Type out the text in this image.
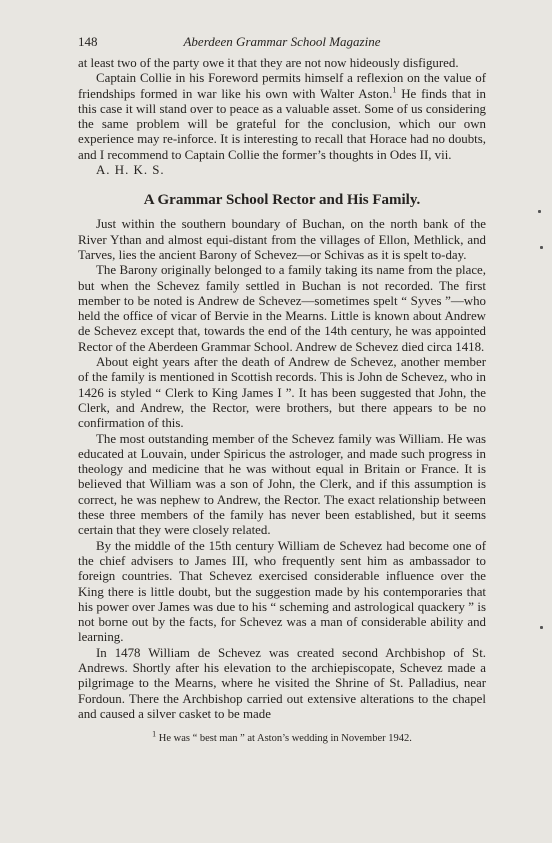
148	Aberdeen Grammar School Magazine

at least two of the party owe it that they are not now hideously disfigured.

Captain Collie in his Foreword permits himself a reflexion on the value of friendships formed in war like his own with Walter Aston.$^1$ He finds that in this case it will stand over to peace as a valuable asset. Some of us considering the same problem will be grateful for the conclusion, which our own experience may re-inforce. It is interesting to recall that Horace had no doubts, and I recommend to Captain Collie the former’s thoughts in Odes II, vii.

A. H. K. S.

A Grammar School Rector and His Family.

Just within the southern boundary of Buchan, on the north bank of the River Ythan and almost equi-distant from the villages of Ellon, Methlick, and Tarves, lies the ancient Barony of Schevez—or Schivas as it is spelt to-day.

The Barony originally belonged to a family taking its name from the place, but when the Schevez family settled in Buchan is not recorded. The first member to be noted is Andrew de Schevez—sometimes spelt “ Syves ”—who held the office of vicar of Bervie in the Mearns. Little is known about Andrew de Schevez except that, towards the end of the 14th century, he was appointed Rector of the Aberdeen Grammar School. Andrew de Schevez died circa 1418.

About eight years after the death of Andrew de Schevez, another member of the family is mentioned in Scottish records. This is John de Schevez, who in 1426 is styled “ Clerk to King James I ”. It has been suggested that John, the Clerk, and Andrew, the Rector, were brothers, but there appears to be no confirmation of this.

The most outstanding member of the Schevez family was William. He was educated at Louvain, under Spiricus the astrologer, and made such progress in theology and medicine that he was without equal in Britain or France. It is believed that William was a son of John, the Clerk, and if this assumption is correct, he was nephew to Andrew, the Rector. The exact relationship between these three members of the family has never been established, but it seems certain that they were closely related.

By the middle of the 15th century William de Schevez had become one of the chief advisers to James III, who frequently sent him as ambassador to foreign countries. That Schevez exercised considerable influence over the King there is little doubt, but the suggestion made by his contemporaries that his power over James was due to his “ scheming and astrological quackery ” is not borne out by the facts, for Schevez was a man of considerable ability and learning.

In 1478 William de Schevez was created second Archbishop of St. Andrews. Shortly after his elevation to the archiepiscopate, Schevez made a pilgrimage to the Mearns, where he visited the Shrine of St. Palladius, near Fordoun. There the Archbishop carried out extensive alterations to the chapel and caused a silver casket to be made

$^1$ He was “ best man ” at Aston’s wedding in November 1942.
